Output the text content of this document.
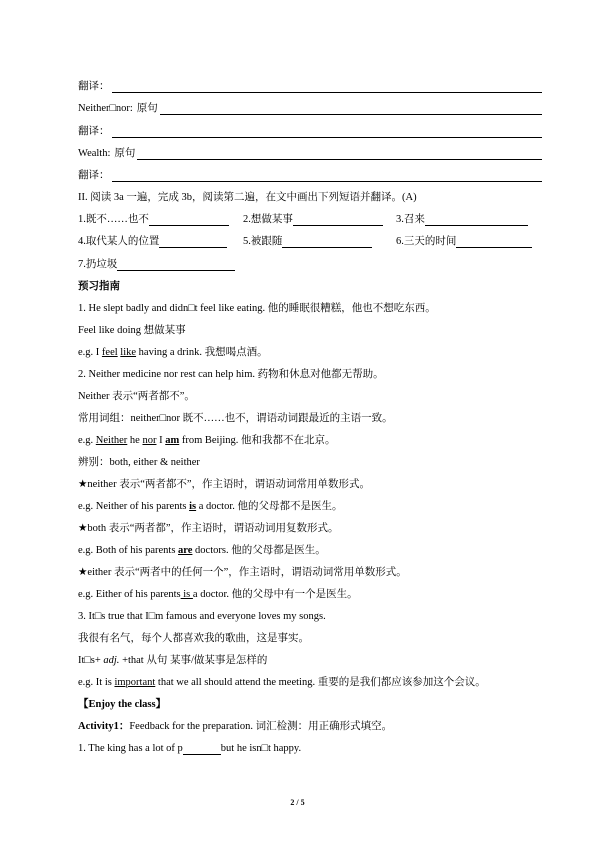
翻译：
Neither□nor: 原句
翻译：
Wealth: 原句
翻译：
II. 阅读 3a 一遍，完成 3b，阅读第二遍，在文中画出下列短语并翻译。(A)
1.既不……也不	2.想做某事	3.召来
4.取代某人的位置	5.被跟随	6.三天的时间
7.扔垃圾
预习指南
1. He slept badly and didn□t feel like eating. 他的睡眠很糟糕，他也不想吃东西。
Feel like doing 想做某事
e.g. I feel like having a drink. 我想喝点酒。
2. Neither medicine nor rest can help him. 药物和休息对他都无帮助。
Neither 表示“两者都不”。
常用词组：neither□nor 既不……也不，谓语动词跟最近的主语一致。
e.g. Neither he nor I am from Beijing. 他和我都不在北京。
辨别：both, either & neither
★neither 表示“两者都不”，作主语时，谓语动词常用单数形式。
e.g. Neither of his parents is a doctor. 他的父母都不是医生。
★both 表示“两者都”，作主语时，谓语动词用复数形式。
e.g. Both of his parents are doctors. 他的父母都是医生。
★either 表示“两者中的任何一个”，作主语时，谓语动词常用单数形式。
e.g. Either of his parents is a doctor. 他的父母中有一个是医生。
3. It□s true that I□m famous and everyone loves my songs.
我很有名气，每个人都喜欢我的歌曲，这是事实。
It□s+ adj. +that 从句 某事/做某事是怎样的
e.g. It is important that we all should attend the meeting. 重要的是我们都应该参加这个会议。
【Enjoy the class】
Activity1：Feedback for the preparation. 词汇检测：用正确形式填空。
1. The king has a lot of p	but he isn□t happy.
2 / 5
